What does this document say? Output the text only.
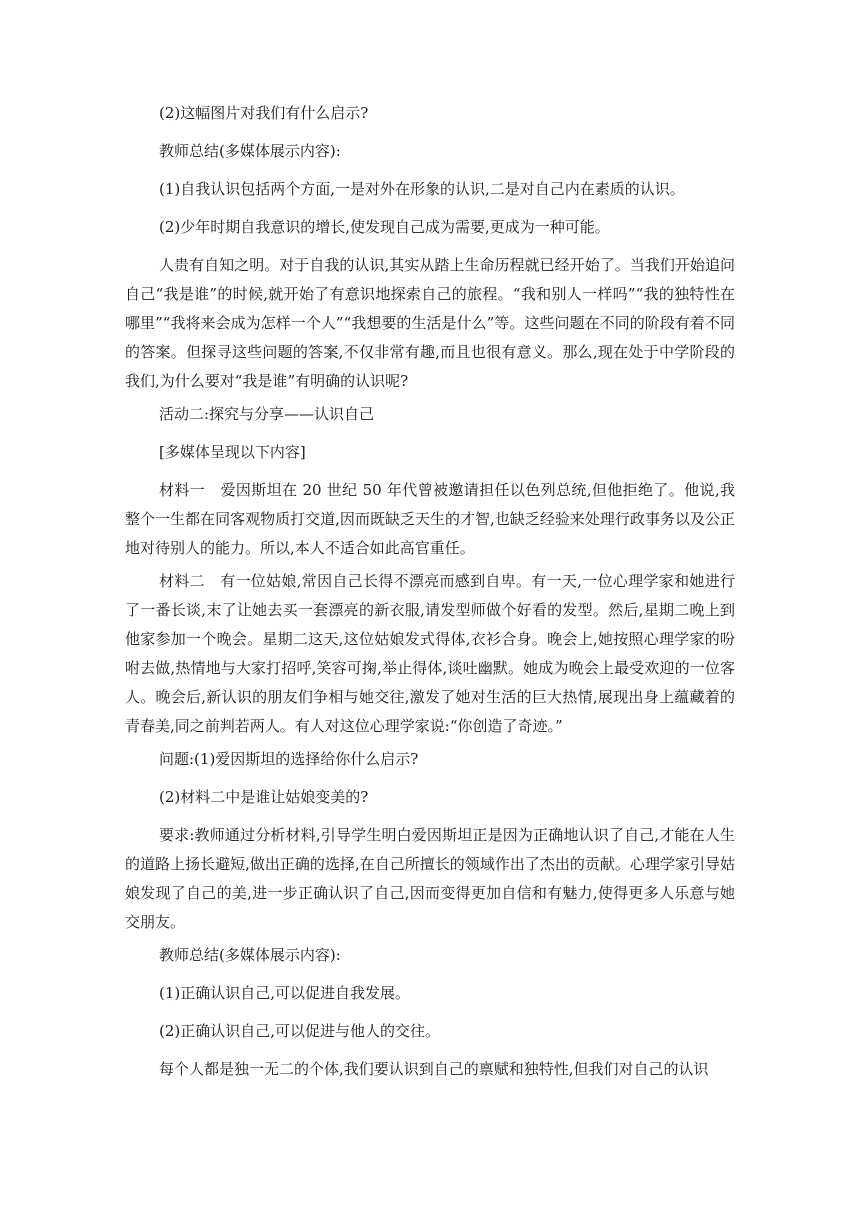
(2)这幅图片对我们有什么启示?

教师总结(多媒体展示内容):

(1)自我认识包括两个方面,一是对外在形象的认识,二是对自己内在素质的认识。

(2)少年时期自我意识的增长,使发现自己成为需要,更成为一种可能。

人贵有自知之明。对于自我的认识,其实从踏上生命历程就已经开始了。当我们开始追问自己“我是谁”的时候,就开始了有意识地探索自己的旅程。“我和别人一样吗”“我的独特性在哪里”“我将来会成为怎样一个人”“我想要的生活是什么”等。这些问题在不同的阶段有着不同的答案。但探寻这些问题的答案,不仅非常有趣,而且也很有意义。那么,现在处于中学阶段的我们,为什么要对“我是谁”有明确的认识呢?

活动二:探究与分享——认识自己

[多媒体呈现以下内容]

材料一　爱因斯坦在 20 世纪 50 年代曾被邀请担任以色列总统,但他拒绝了。他说,我整个一生都在同客观物质打交道,因而既缺乏天生的才智,也缺乏经验来处理行政事务以及公正地对待别人的能力。所以,本人不适合如此高官重任。

材料二　有一位姑娘,常因自己长得不漂亮而感到自卑。有一天,一位心理学家和她进行了一番长谈,末了让她去买一套漂亮的新衣服,请发型师做个好看的发型。然后,星期二晚上到他家参加一个晚会。星期二这天,这位姑娘发式得体,衣衫合身。晚会上,她按照心理学家的吩咐去做,热情地与大家打招呼,笑容可掬,举止得体,谈吐幽默。她成为晚会上最受欢迎的一位客人。晚会后,新认识的朋友们争相与她交往,激发了她对生活的巨大热情,展现出身上蕴藏着的青春美,同之前判若两人。有人对这位心理学家说:“你创造了奇迹。”

问题:(1)爱因斯坦的选择给你什么启示?

(2)材料二中是谁让姑娘变美的?

要求:教师通过分析材料,引导学生明白爱因斯坦正是因为正确地认识了自己,才能在人生的道路上扬长避短,做出正确的选择,在自己所擅长的领域作出了杰出的贡献。心理学家引导姑娘发现了自己的美,进一步正确认识了自己,因而变得更加自信和有魅力,使得更多人乐意与她交朋友。

教师总结(多媒体展示内容):

(1)正确认识自己,可以促进自我发展。

(2)正确认识自己,可以促进与他人的交往。

每个人都是独一无二的个体,我们要认识到自己的禀赋和独特性,但我们对自己的认识
